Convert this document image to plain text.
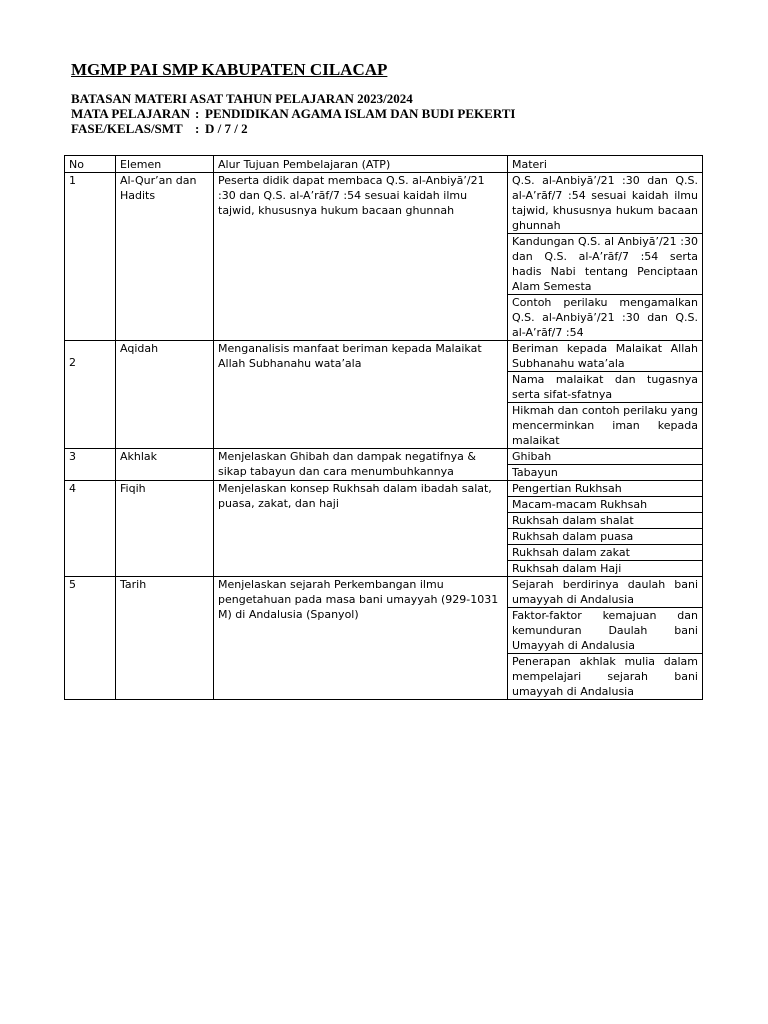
MGMP PAI SMP KABUPATEN CILACAP
BATASAN MATERI ASAT TAHUN PELAJARAN 2023/2024
MATA PELAJARAN : PENDIDIKAN AGAMA ISLAM DAN BUDI PEKERTI
FASE/KELAS/SMT : D / 7 / 2
No	Elemen	Alur Tujuan Pembelajaran (ATP)	Materi
1	Al-Qur’an dan Hadits	Peserta didik dapat membaca Q.S. al-Anbiyā’/21 :30 dan Q.S. al-A’rāf/7 :54 sesuai kaidah ilmu tajwid, khususnya hukum bacaan ghunnah	Q.S. al-Anbiyā’/21 :30 dan Q.S. al-A’rāf/7 :54 sesuai kaidah ilmu tajwid, khususnya hukum bacaan ghunnah
			Kandungan Q.S. al Anbiyā’/21 :30 dan Q.S. al-A’rāf/7 :54 serta hadis Nabi tentang Penciptaan Alam Semesta
			Contoh perilaku mengamalkan Q.S. al-Anbiyā’/21 :30 dan Q.S. al-A’rāf/7 :54
2	Aqidah	Menganalisis manfaat beriman kepada Malaikat Allah Subhanahu wata’ala	Beriman kepada Malaikat Allah Subhanahu wata’ala
			Nama malaikat dan tugasnya serta sifat-sfatnya
			Hikmah dan contoh perilaku yang mencerminkan iman kepada malaikat
3	Akhlak	Menjelaskan Ghibah dan dampak negatifnya & sikap tabayun dan cara menumbuhkannya	Ghibah
			Tabayun
4	Fiqih	Menjelaskan konsep Rukhsah dalam ibadah salat, puasa, zakat, dan haji	Pengertian Rukhsah
			Macam-macam Rukhsah
			Rukhsah dalam shalat
			Rukhsah dalam puasa
			Rukhsah dalam zakat
			Rukhsah dalam Haji
5	Tarih	Menjelaskan sejarah Perkembangan ilmu pengetahuan pada masa bani umayyah (929-1031 M) di Andalusia (Spanyol)	Sejarah berdirinya daulah bani umayyah di Andalusia
			Faktor-faktor kemajuan dan kemunduran Daulah bani Umayyah di Andalusia
			Penerapan akhlak mulia dalam mempelajari sejarah bani umayyah di Andalusia
